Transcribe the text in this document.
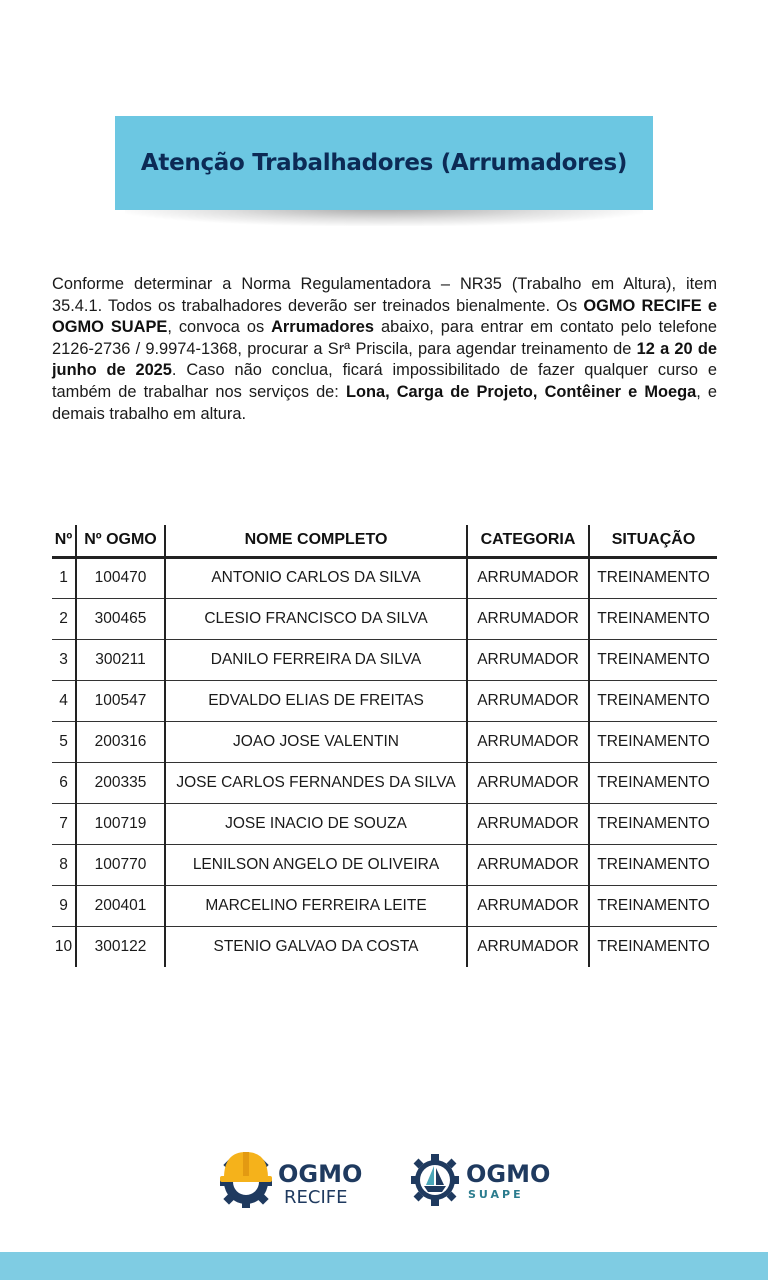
Atenção Trabalhadores (Arrumadores)

Conforme determinar a Norma Regulamentadora – NR35 (Trabalho em Altura), item 35.4.1. Todos os trabalhadores deverão ser treinados bienalmente. Os OGMO RECIFE e OGMO SUAPE, convoca os Arrumadores abaixo, para entrar em contato pelo telefone 2126-2736 / 9.9974-1368, procurar a Srª Priscila, para agendar treinamento de 12 a 20 de junho de 2025. Caso não conclua, ficará impossibilitado de fazer qualquer curso e também de trabalhar nos serviços de: Lona, Carga de Projeto, Contêiner e Moega, e demais trabalho em altura.

Nº	Nº OGMO	NOME COMPLETO	CATEGORIA	SITUAÇÃO
1	100470	ANTONIO CARLOS DA SILVA	ARRUMADOR	TREINAMENTO
2	300465	CLESIO FRANCISCO DA SILVA	ARRUMADOR	TREINAMENTO
3	300211	DANILO FERREIRA DA SILVA	ARRUMADOR	TREINAMENTO
4	100547	EDVALDO ELIAS DE FREITAS	ARRUMADOR	TREINAMENTO
5	200316	JOAO JOSE VALENTIN	ARRUMADOR	TREINAMENTO
6	200335	JOSE CARLOS FERNANDES DA SILVA	ARRUMADOR	TREINAMENTO
7	100719	JOSE INACIO DE SOUZA	ARRUMADOR	TREINAMENTO
8	100770	LENILSON ANGELO DE OLIVEIRA	ARRUMADOR	TREINAMENTO
9	200401	MARCELINO FERREIRA LEITE	ARRUMADOR	TREINAMENTO
10	300122	STENIO GALVAO DA COSTA	ARRUMADOR	TREINAMENTO
OGMO
RECIFE
OGMO
SUAPE
